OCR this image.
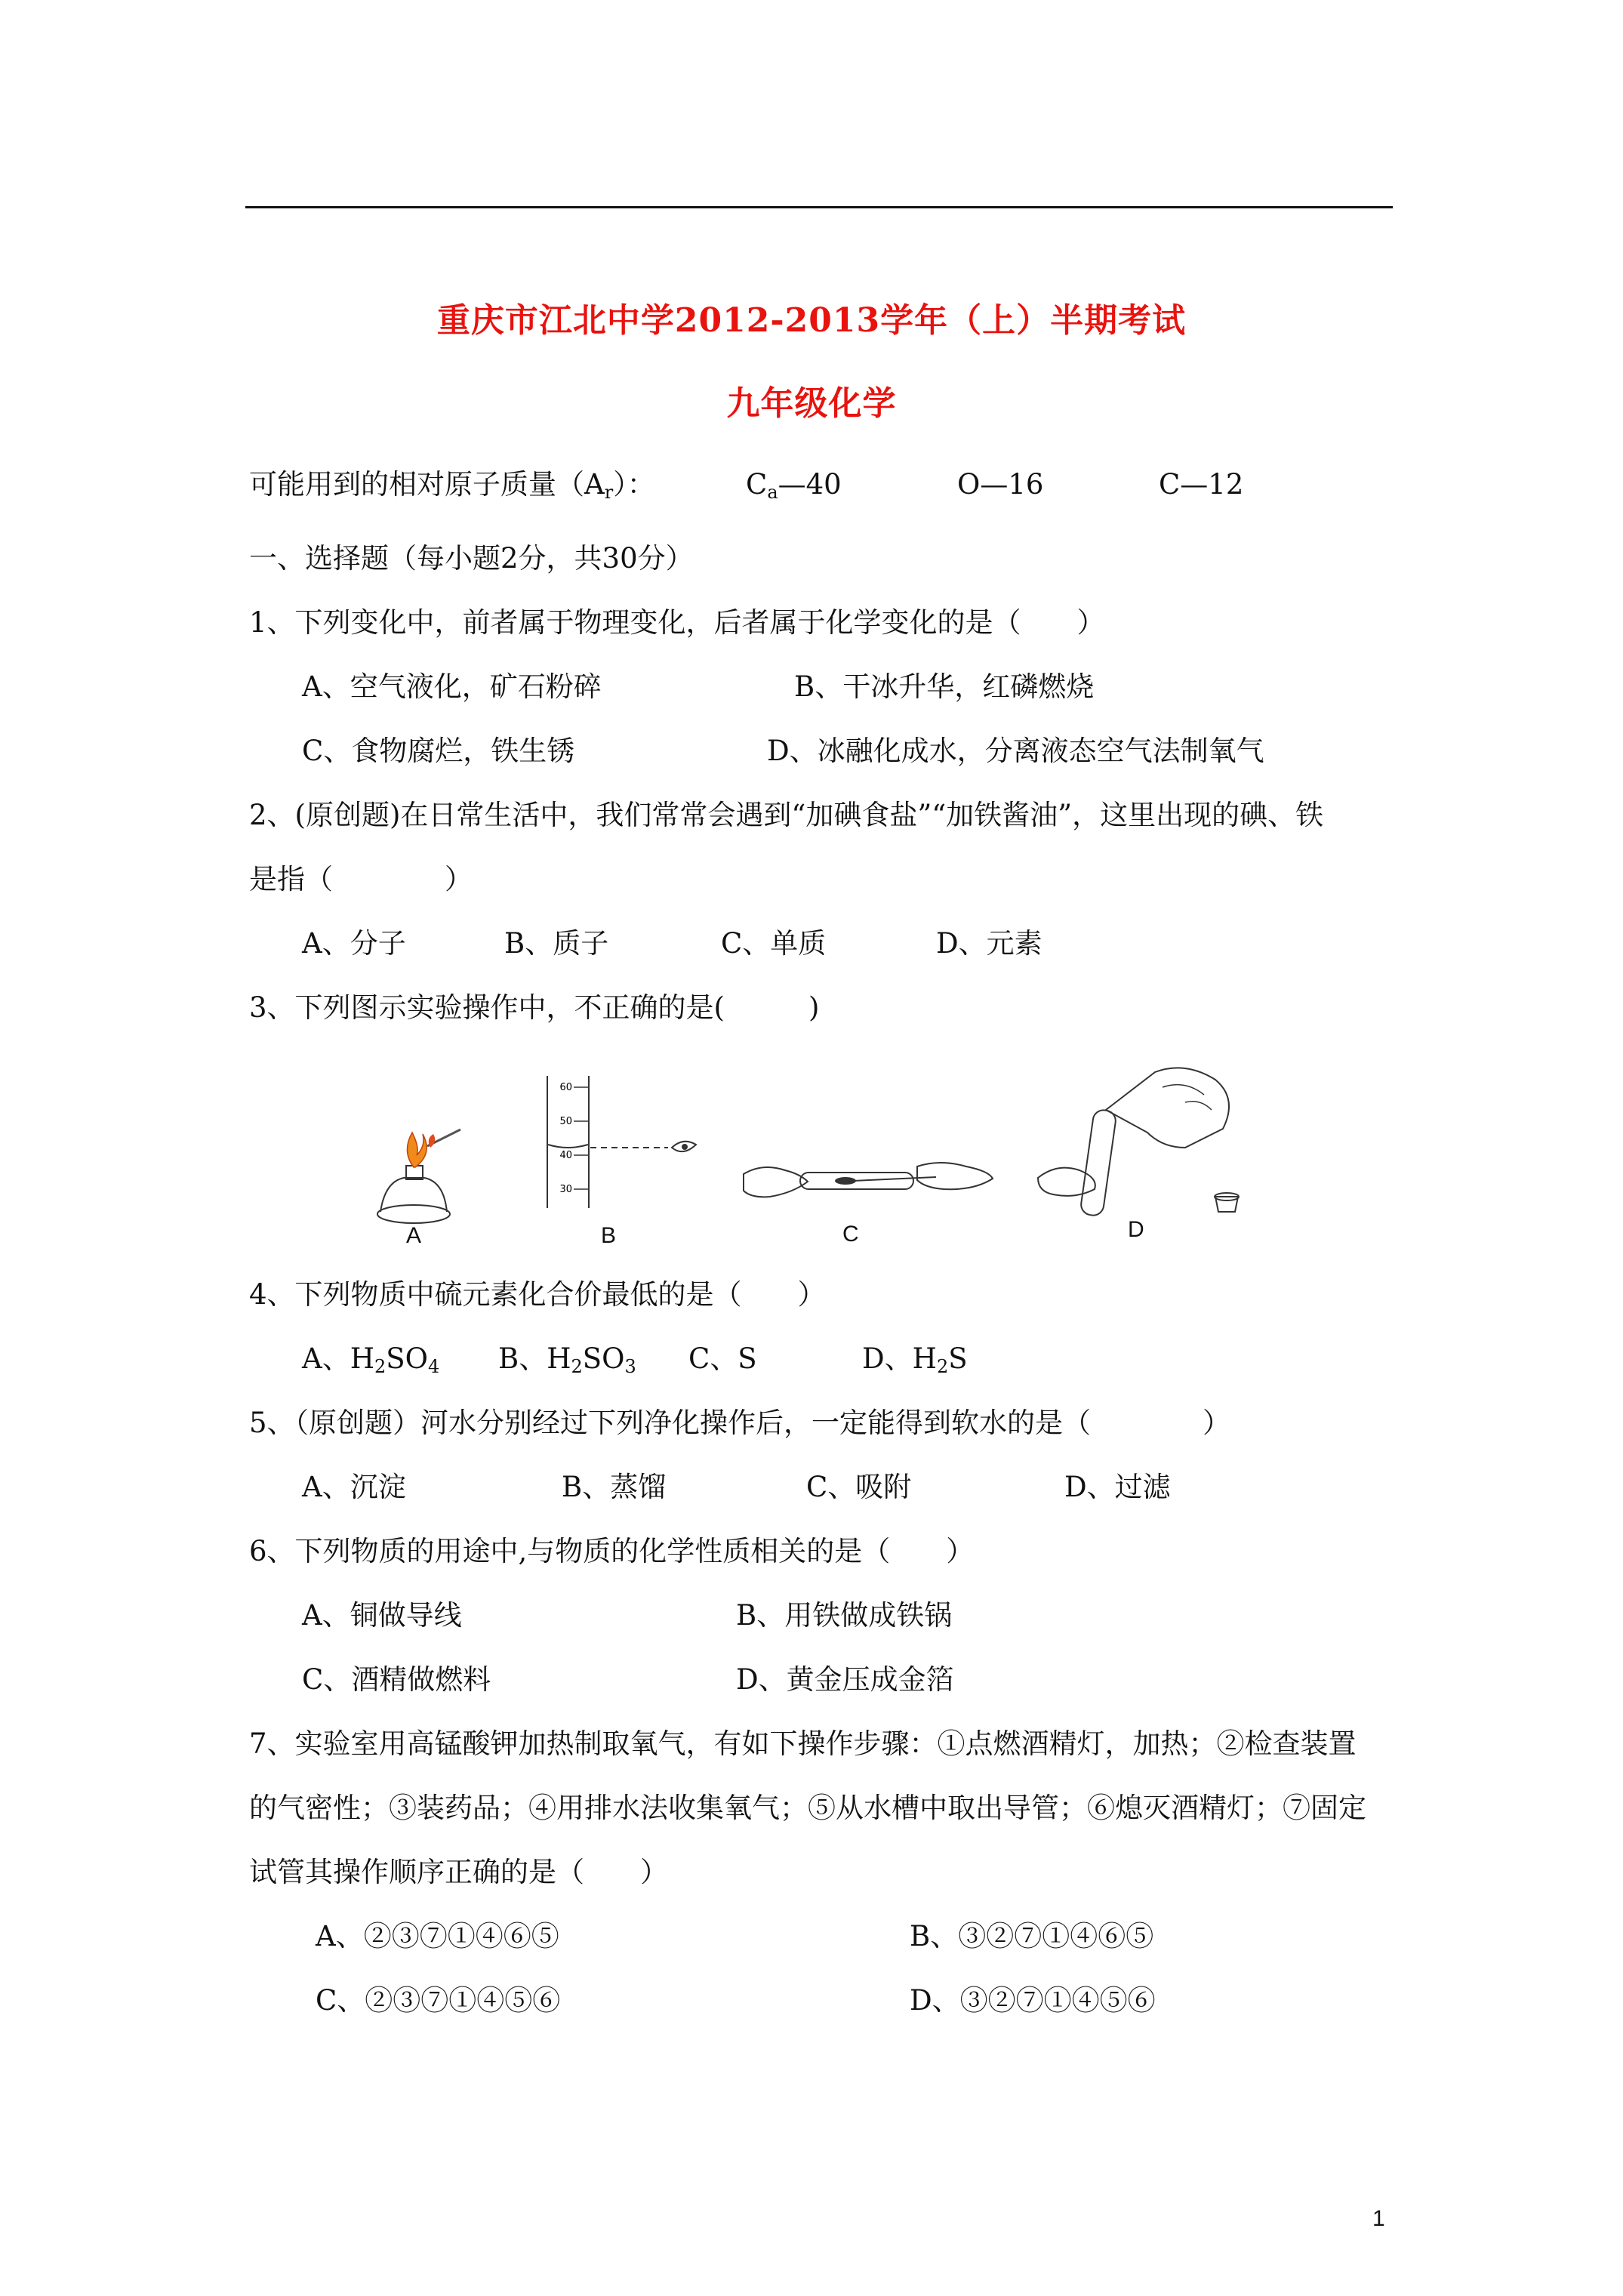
重庆市江北中学2012-2013学年（上）半期考试
九年级化学
可能用到的相对原子质量$(A_r)$：	$C_a—40$	O—16	C—12
一、选择题（每小题2分，共30分）
1、下列变化中，前者属于物理变化，后者属于化学变化的是（　　）
A、空气液化，矿石粉碎	B、干冰升华，红磷燃烧
C、食物腐烂，铁生锈	D、冰融化成水，分离液态空气法制氧气
2、(原创题)在日常生活中，我们常常会遇到“加碘食盐”“加铁酱油”，这里出现的碘、铁
是指（　　　　）
A、分子	B、质子	C、单质	D、元素
3、下列图示实验操作中，不正确的是(　　　)
A
60
50
40
30
B	C	D
4、下列物质中硫元素化合价最低的是（　　）
A、$H_2SO_4$ B、$H_2SO_3$ C、S	D、$H_2S$
5、（原创题）河水分别经过下列净化操作后，一定能得到软水的是（　　　　）
A、沉淀	B、蒸馏	C、吸附	D、过滤
6、下列物质的用途中,与物质的化学性质相关的是（　　）
A、铜做导线	B、用铁做成铁锅
C、酒精做燃料	D、黄金压成金箔
7、实验室用高锰酸钾加热制取氧气，有如下操作步骤：①点燃酒精灯，加热；②检查装置
的气密性；③装药品；④用排水法收集氧气；⑤从水槽中取出导管；⑥熄灭酒精灯；⑦固定
试管其操作顺序正确的是（　　）
A、②③⑦①④⑥⑤	B、③②⑦①④⑥⑤
C、②③⑦①④⑤⑥	D、③②⑦①④⑤⑥
1
